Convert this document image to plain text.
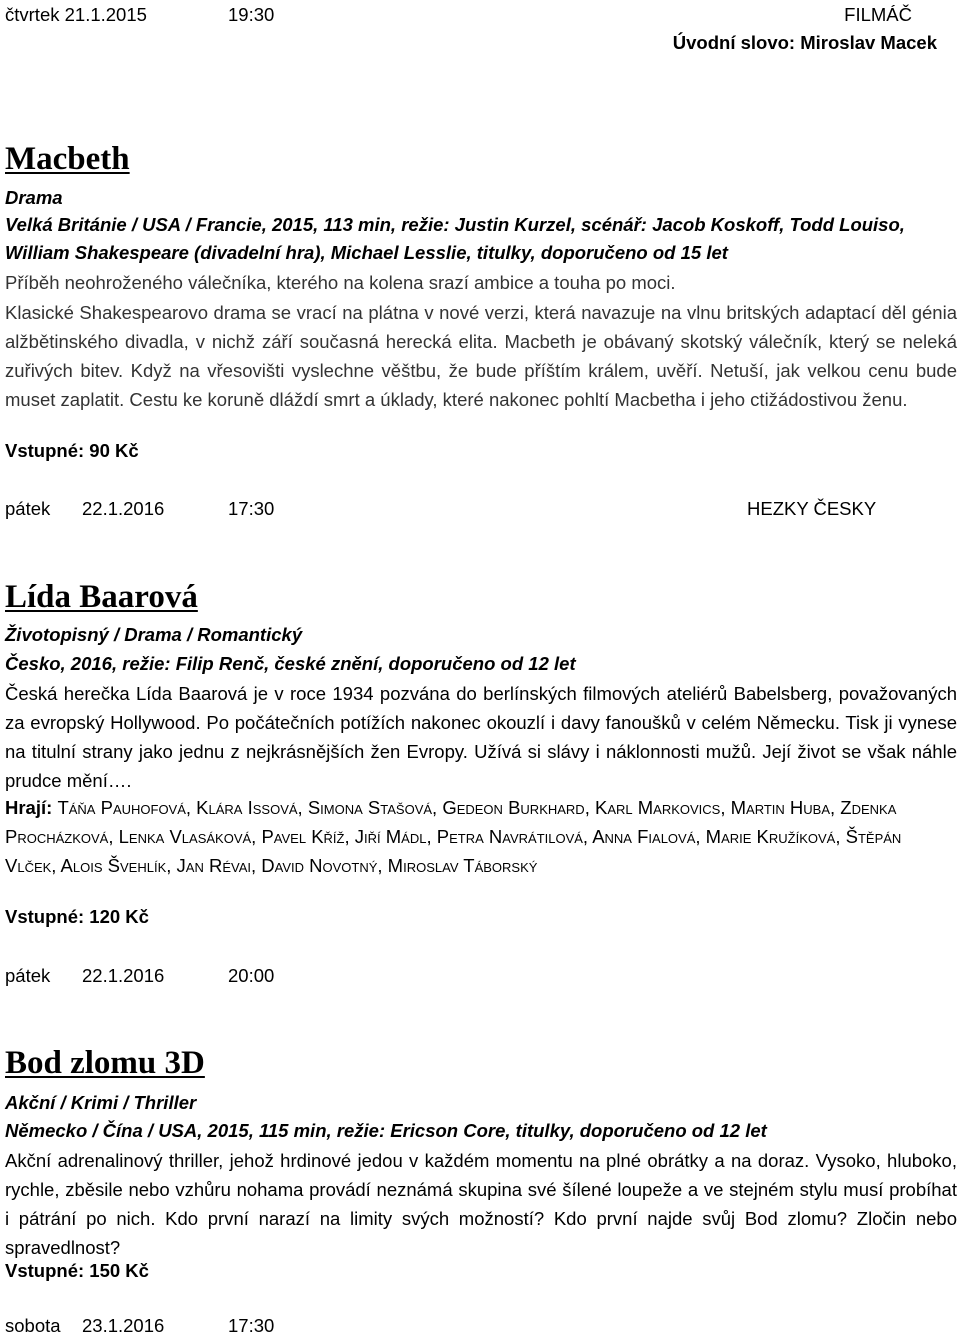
čtvrtek 21.1.2015	19:30	FILMÁČ
Úvodní slovo: Miroslav Macek
Macbeth
Drama
Velká Británie / USA / Francie, 2015, 113 min, režie: Justin Kurzel, scénář: Jacob Koskoff, Todd Louiso, William Shakespeare (divadelní hra), Michael Lesslie, titulky, doporučeno od 15 let
Příběh neohroženého válečníka, kterého na kolena srazí ambice a touha po moci.
Klasické Shakespearovo drama se vrací na plátna v nové verzi, která navazuje na vlnu britských adaptací děl génia alžbětinského divadla, v nichž září současná herecká elita. Macbeth je obávaný skotský válečník, který se neleká zuřivých bitev. Když na vřesovišti vyslechne věštbu, že bude příštím králem, uvěří. Netuší, jak velkou cenu bude muset zaplatit. Cestu ke koruně dláždí smrt a úklady, které nakonec pohltí Macbetha i jeho ctižádostivou ženu.
Vstupné: 90 Kč
pátek 22.1.2016	17:30	HEZKY ČESKY
Lída Baarová
Životopisný / Drama / Romantický
Česko, 2016, režie: Filip Renč, české znění, doporučeno od 12 let
Česká herečka Lída Baarová je v roce 1934 pozvána do berlínských filmových ateliérů Babelsberg, považovaných za evropský Hollywood. Po počátečních potížích nakonec okouzlí i davy fanoušků v celém Německu. Tisk ji vynese na titulní strany jako jednu z nejkrásnějších žen Evropy. Užívá si slávy i náklonnosti mužů. Její život se však náhle prudce mění….
Hrají: Táňa Pauhofová, Klára Issová, Simona Stašová, Gedeon Burkhard, Karl Markovics, Martin Huba, Zdenka Procházková, Lenka Vlasáková, Pavel Kříž, Jiří Mádl, Petra Navrátilová, Anna Fialová, Marie Kružíková, Štěpán Vlček, Alois Švehlík, Jan Révai, David Novotný, Miroslav Táborský
Vstupné: 120 Kč
pátek 22.1.2016	20:00
Bod zlomu 3D
Akční / Krimi / Thriller
Německo / Čína / USA, 2015, 115 min, režie: Ericson Core, titulky, doporučeno od 12 let
Akční adrenalinový thriller, jehož hrdinové jedou v každém momentu na plné obrátky a na doraz. Vysoko, hluboko, rychle, zběsile nebo vzhůru nohama provádí neznámá skupina své šílené loupeže a ve stejném stylu musí probíhat i pátrání po nich. Kdo první narazí na limity svých možností? Kdo první najde svůj Bod zlomu? Zločin nebo spravedlnost?
Vstupné: 150 Kč
sobota 23.1.2016	17:30
